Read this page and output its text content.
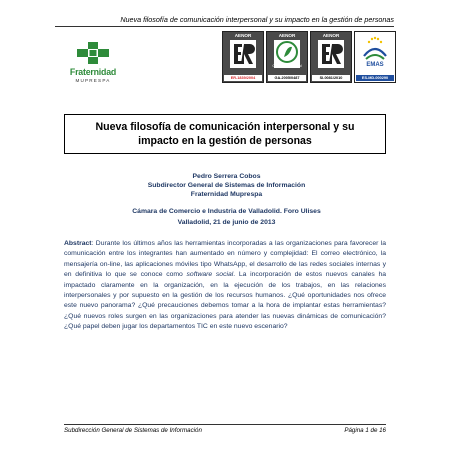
Nueva filosofía de comunicación interpersonal y su impacto en la gestión de personas
Fraternidad
MUPRESPA
AENOR
ER-1839/2004
AENOR
Gestión Ambiental
GA-2005/0487
AENOR
SI-0081/2010
EMAS
ES-MD-000290
Nueva filosofía de comunicación interpersonal y su
impacto en la gestión de personas
Pedro Serrera Cobos
Subdirector General de Sistemas de Información
Fraternidad Muprespa
Cámara de Comercio e Industria de Valladolid. Foro Ulises
Valladolid, 21 de junio de 2013
Abstract: Durante los últimos años las herramientas incorporadas a las organizaciones para favorecer la comunicación entre los integrantes han aumentado en número y complejidad: El correo electrónico, la mensajería on-line, las aplicaciones móviles tipo WhatsApp, el desarrollo de las redes sociales internas y en definitiva lo que se conoce como software social. La incorporación de estos nuevos canales ha impactado claramente en la organización, en la ejecución de los trabajos, en las relaciones interpersonales y por supuesto en la gestión de los recursos humanos. ¿Qué oportunidades nos ofrece este nuevo panorama? ¿Qué precauciones debemos tomar a la hora de implantar estas herramientas? ¿Qué nuevos roles surgen en las organizaciones para atender las nuevas dinámicas de comunicación? ¿Qué papel deben jugar los departamentos TIC en este nuevo escenario?
Subdirección General de Sistemas de Información	Página 1 de 16
